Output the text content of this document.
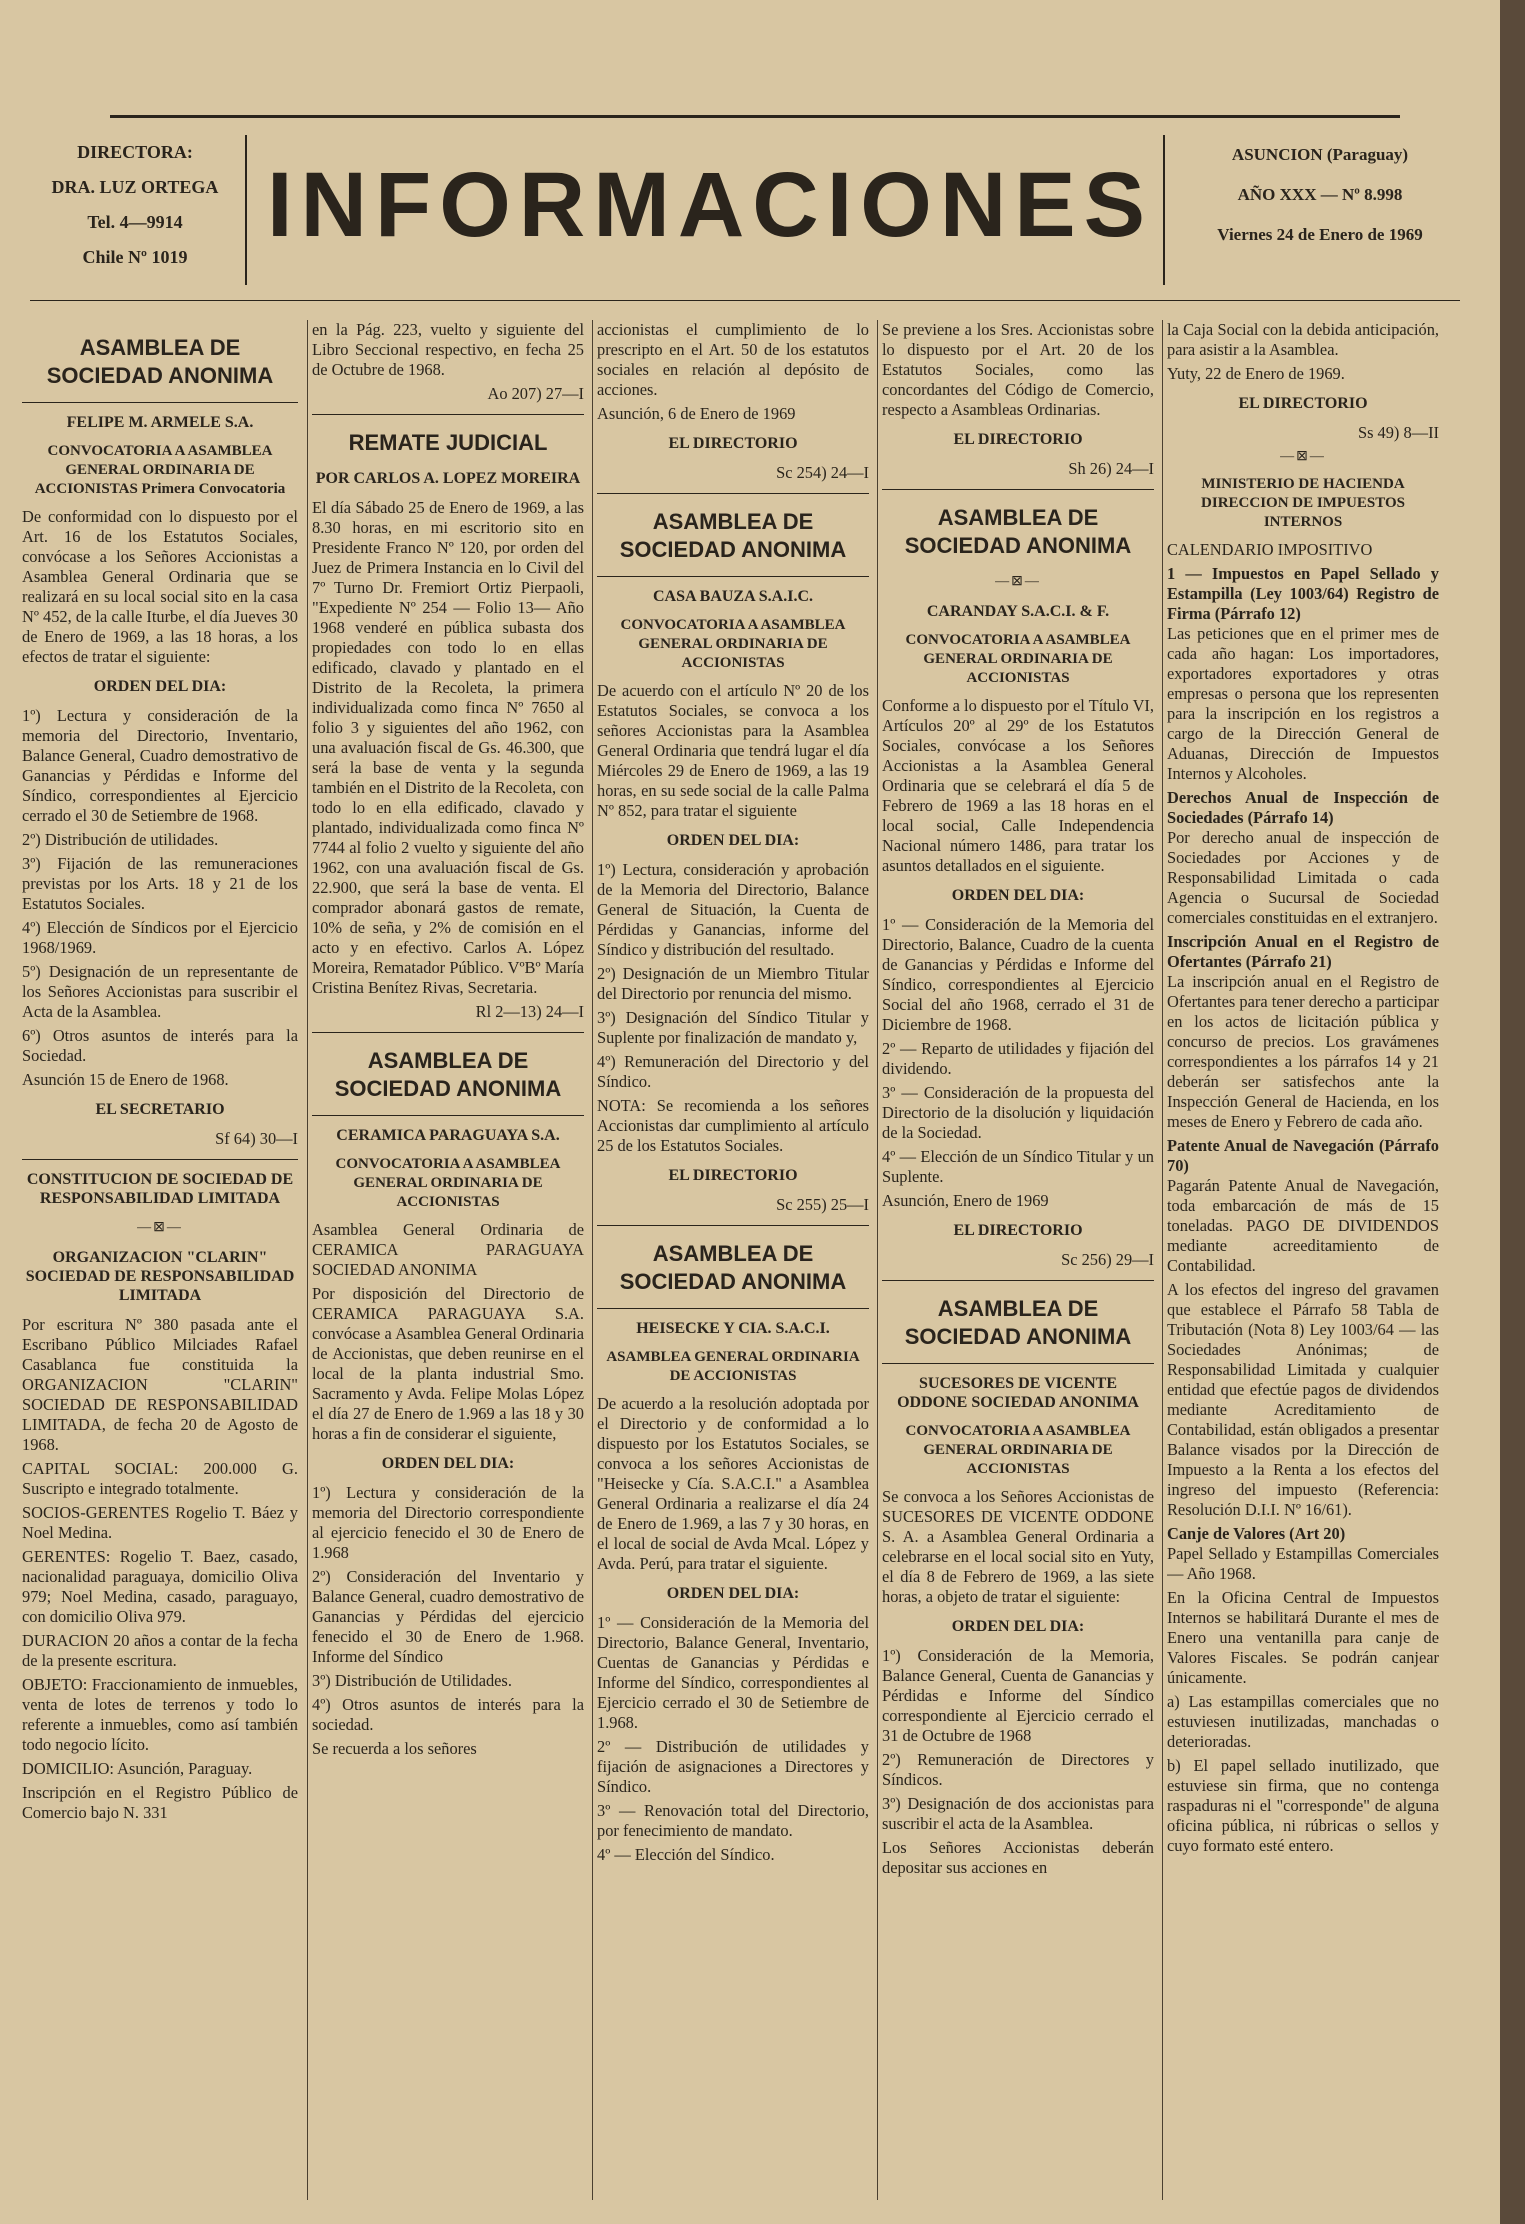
DIRECTORA:
DRA. LUZ ORTEGA
Tel. 4—9914
Chile Nº 1019
INFORMACIONES	ASUNCION (Paraguay)
AÑO XXX — Nº 8.998
Viernes 24 de Enero de 1969
ASAMBLEA DE SOCIEDAD ANONIMA
FELIPE M. ARMELE S.A.
CONVOCATORIA A ASAMBLEA GENERAL ORDINARIA DE ACCIONISTAS Primera Convocatoria

De conformidad con lo dispuesto por el Art. 16 de los Estatutos Sociales, convócase a los Señores Accionistas a Asamblea General Ordinaria que se realizará en su local social sito en la casa Nº 452, de la calle Iturbe, el día Jueves 30 de Enero de 1969, a las 18 horas, a los efectos de tratar el siguiente:

ORDEN DEL DIA:

1º) Lectura y consideración de la memoria del Directorio, Inventario, Balance General, Cuadro demostrativo de Ganancias y Pérdidas e Informe del Síndico, correspondientes al Ejercicio cerrado el 30 de Setiembre de 1968.

2º) Distribución de utilidades.

3º) Fijación de las remuneraciones previstas por los Arts. 18 y 21 de los Estatutos Sociales.

4º) Elección de Síndicos por el Ejercicio 1968/1969.

5º) Designación de un representante de los Señores Accionistas para suscribir el Acta de la Asamblea.

6º) Otros asuntos de interés para la Sociedad.

Asunción 15 de Enero de 1968.

EL SECRETARIO
Sf 64) 30—I
CONSTITUCION DE SOCIEDAD DE RESPONSABILIDAD LIMITADA
—⊠—
ORGANIZACION "CLARIN" SOCIEDAD DE RESPONSABILIDAD LIMITADA

Por escritura Nº 380 pasada ante el Escribano Público Milciades Rafael Casablanca fue constituida la ORGANIZACION "CLARIN" SOCIEDAD DE RESPONSABILIDAD LIMITADA, de fecha 20 de Agosto de 1968.

CAPITAL SOCIAL: 200.000 G. Suscripto e integrado totalmente.

SOCIOS-GERENTES Rogelio T. Báez y Noel Medina.

GERENTES: Rogelio T. Baez, casado, nacionalidad paraguaya, domicilio Oliva 979; Noel Medina, casado, paraguayo, con domicilio Oliva 979.

DURACION 20 años a contar de la fecha de la presente escritura.

OBJETO: Fraccionamiento de inmuebles, venta de lotes de terrenos y todo lo referente a inmuebles, como así también todo negocio lícito.

DOMICILIO: Asunción, Paraguay.

Inscripción en el Registro Público de Comercio bajo N. 331

en la Pág. 223, vuelto y siguiente del Libro Seccional respectivo, en fecha 25 de Octubre de 1968.

Ao 207) 27—I
REMATE JUDICIAL
POR CARLOS A. LOPEZ MOREIRA

El día Sábado 25 de Enero de 1969, a las 8.30 horas, en mi escritorio sito en Presidente Franco Nº 120, por orden del Juez de Primera Instancia en lo Civil del 7º Turno Dr. Fremiort Ortiz Pierpaoli, "Expediente Nº 254 — Folio 13— Año 1968 venderé en pública subasta dos propiedades con todo lo en ellas edificado, clavado y plantado en el Distrito de la Recoleta, la primera individualizada como finca Nº 7650 al folio 3 y siguientes del año 1962, con una avaluación fiscal de Gs. 46.300, que será la base de venta y la segunda también en el Distrito de la Recoleta, con todo lo en ella edificado, clavado y plantado, individualizada como finca Nº 7744 al folio 2 vuelto y siguiente del año 1962, con una avaluación fiscal de Gs. 22.900, que será la base de venta. El comprador abonará gastos de remate, 10% de seña, y 2% de comisión en el acto y en efectivo. Carlos A. López Moreira, Rematador Público. VºBº María Cristina Benítez Rivas, Secretaria.

Rl 2—13) 24—I
ASAMBLEA DE SOCIEDAD ANONIMA
CERAMICA PARAGUAYA S.A.
CONVOCATORIA A ASAMBLEA GENERAL ORDINARIA DE ACCIONISTAS

Asamblea General Ordinaria de CERAMICA PARAGUAYA SOCIEDAD ANONIMA

Por disposición del Directorio de CERAMICA PARAGUAYA S.A. convócase a Asamblea General Ordinaria de Accionistas, que deben reunirse en el local de la planta industrial Smo. Sacramento y Avda. Felipe Molas López el día 27 de Enero de 1.969 a las 18 y 30 horas a fin de considerar el siguiente,

ORDEN DEL DIA:

1º) Lectura y consideración de la memoria del Directorio correspondiente al ejercicio fenecido el 30 de Enero de 1.968

2º) Consideración del Inventario y Balance General, cuadro demostrativo de Ganancias y Pérdidas del ejercicio fenecido el 30 de Enero de 1.968. Informe del Síndico

3º) Distribución de Utilidades.

4º) Otros asuntos de interés para la sociedad.

Se recuerda a los señores

accionistas el cumplimiento de lo prescripto en el Art. 50 de los estatutos sociales en relación al depósito de acciones.

Asunción, 6 de Enero de 1969

EL DIRECTORIO
Sc 254) 24—I
ASAMBLEA DE SOCIEDAD ANONIMA
CASA BAUZA S.A.I.C.
CONVOCATORIA A ASAMBLEA GENERAL ORDINARIA DE ACCIONISTAS

De acuerdo con el artículo Nº 20 de los Estatutos Sociales, se convoca a los señores Accionistas para la Asamblea General Ordinaria que tendrá lugar el día Miércoles 29 de Enero de 1969, a las 19 horas, en su sede social de la calle Palma Nº 852, para tratar el siguiente

ORDEN DEL DIA:

1º) Lectura, consideración y aprobación de la Memoria del Directorio, Balance General de Situación, la Cuenta de Pérdidas y Ganancias, informe del Síndico y distribución del resultado.

2º) Designación de un Miembro Titular del Directorio por renuncia del mismo.

3º) Designación del Síndico Titular y Suplente por finalización de mandato y,

4º) Remuneración del Directorio y del Síndico.

NOTA: Se recomienda a los señores Accionistas dar cumplimiento al artículo 25 de los Estatutos Sociales.

EL DIRECTORIO
Sc 255) 25—I
ASAMBLEA DE SOCIEDAD ANONIMA
HEISECKE Y CIA. S.A.C.I.
ASAMBLEA GENERAL ORDINARIA DE ACCIONISTAS

De acuerdo a la resolución adoptada por el Directorio y de conformidad a lo dispuesto por los Estatutos Sociales, se convoca a los señores Accionistas de "Heisecke y Cía. S.A.C.I." a Asamblea General Ordinaria a realizarse el día 24 de Enero de 1.969, a las 7 y 30 horas, en el local de social de Avda Mcal. López y Avda. Perú, para tratar el siguiente.

ORDEN DEL DIA:

1º — Consideración de la Memoria del Directorio, Balance General, Inventario, Cuentas de Ganancias y Pérdidas e Informe del Síndico, correspondientes al Ejercicio cerrado el 30 de Setiembre de 1.968.

2º — Distribución de utilidades y fijación de asignaciones a Directores y Síndico.

3º — Renovación total del Directorio, por fenecimiento de mandato.

4º — Elección del Síndico.

Se previene a los Sres. Accionistas sobre lo dispuesto por el Art. 20 de los Estatutos Sociales, como las concordantes del Código de Comercio, respecto a Asambleas Ordinarias.

EL DIRECTORIO
Sh 26) 24—I
ASAMBLEA DE SOCIEDAD ANONIMA
—⊠—
CARANDAY S.A.C.I. & F.
CONVOCATORIA A ASAMBLEA GENERAL ORDINARIA DE ACCIONISTAS

Conforme a lo dispuesto por el Título VI, Artículos 20º al 29º de los Estatutos Sociales, convócase a los Señores Accionistas a la Asamblea General Ordinaria que se celebrará el día 5 de Febrero de 1969 a las 18 horas en el local social, Calle Independencia Nacional número 1486, para tratar los asuntos detallados en el siguiente.

ORDEN DEL DIA:

1º — Consideración de la Memoria del Directorio, Balance, Cuadro de la cuenta de Ganancias y Pérdidas e Informe del Síndico, correspondientes al Ejercicio Social del año 1968, cerrado el 31 de Diciembre de 1968.

2º — Reparto de utilidades y fijación del dividendo.

3º — Consideración de la propuesta del Directorio de la disolución y liquidación de la Sociedad.

4º — Elección de un Síndico Titular y un Suplente.

Asunción, Enero de 1969

EL DIRECTORIO
Sc 256) 29—I
ASAMBLEA DE SOCIEDAD ANONIMA
SUCESORES DE VICENTE ODDONE SOCIEDAD ANONIMA
CONVOCATORIA A ASAMBLEA GENERAL ORDINARIA DE ACCIONISTAS

Se convoca a los Señores Accionistas de SUCESORES DE VICENTE ODDONE S. A. a Asamblea General Ordinaria a celebrarse en el local social sito en Yuty, el día 8 de Febrero de 1969, a las siete horas, a objeto de tratar el siguiente:

ORDEN DEL DIA:

1º) Consideración de la Memoria, Balance General, Cuenta de Ganancias y Pérdidas e Informe del Síndico correspondiente al Ejercicio cerrado el 31 de Octubre de 1968

2º) Remuneración de Directores y Síndicos.

3º) Designación de dos accionistas para suscribir el acta de la Asamblea.

Los Señores Accionistas deberán depositar sus acciones en

la Caja Social con la debida anticipación, para asistir a la Asamblea.

Yuty, 22 de Enero de 1969.

EL DIRECTORIO
Ss 49) 8—II
—⊠—
MINISTERIO DE HACIENDA DIRECCION DE IMPUESTOS INTERNOS

CALENDARIO IMPOSITIVO

1 — Impuestos en Papel Sellado y Estampilla (Ley 1003/64) Registro de Firma (Párrafo 12)

Las peticiones que en el primer mes de cada año hagan: Los importadores, exportadores exportadores y otras empresas o persona que los representen para la inscripción en los registros a cargo de la Dirección General de Aduanas, Dirección de Impuestos Internos y Alcoholes.

Derechos Anual de Inspección de Sociedades (Párrafo 14)

Por derecho anual de inspección de Sociedades por Acciones y de Responsabilidad Limitada o cada Agencia o Sucursal de Sociedad comerciales constituidas en el extranjero.

Inscripción Anual en el Registro de Ofertantes (Párrafo 21)

La inscripción anual en el Registro de Ofertantes para tener derecho a participar en los actos de licitación pública y concurso de precios. Los gravámenes correspondientes a los párrafos 14 y 21 deberán ser satisfechos ante la Inspección General de Hacienda, en los meses de Enero y Febrero de cada año.

Patente Anual de Navegación (Párrafo 70)

Pagarán Patente Anual de Navegación, toda embarcación de más de 15 toneladas. PAGO DE DIVIDENDOS mediante acreeditamiento de Contabilidad.

A los efectos del ingreso del gravamen que establece el Párrafo 58 Tabla de Tributación (Nota 8) Ley 1003/64 — las Sociedades Anónimas; de Responsabilidad Limitada y cualquier entidad que efectúe pagos de dividendos mediante Acreditamiento de Contabilidad, están obligados a presentar Balance visados por la Dirección de Impuesto a la Renta a los efectos del ingreso del impuesto (Referencia: Resolución D.I.I. Nº 16/61).

Canje de Valores (Art 20)

Papel Sellado y Estampillas Comerciales — Año 1968.

En la Oficina Central de Impuestos Internos se habilitará Durante el mes de Enero una ventanilla para canje de Valores Fiscales. Se podrán canjear únicamente.

a) Las estampillas comerciales que no estuviesen inutilizadas, manchadas o deterioradas.

b) El papel sellado inutilizado, que estuviese sin firma, que no contenga raspaduras ni el "corresponde" de alguna oficina pública, ni rúbricas o sellos y cuyo formato esté entero.
